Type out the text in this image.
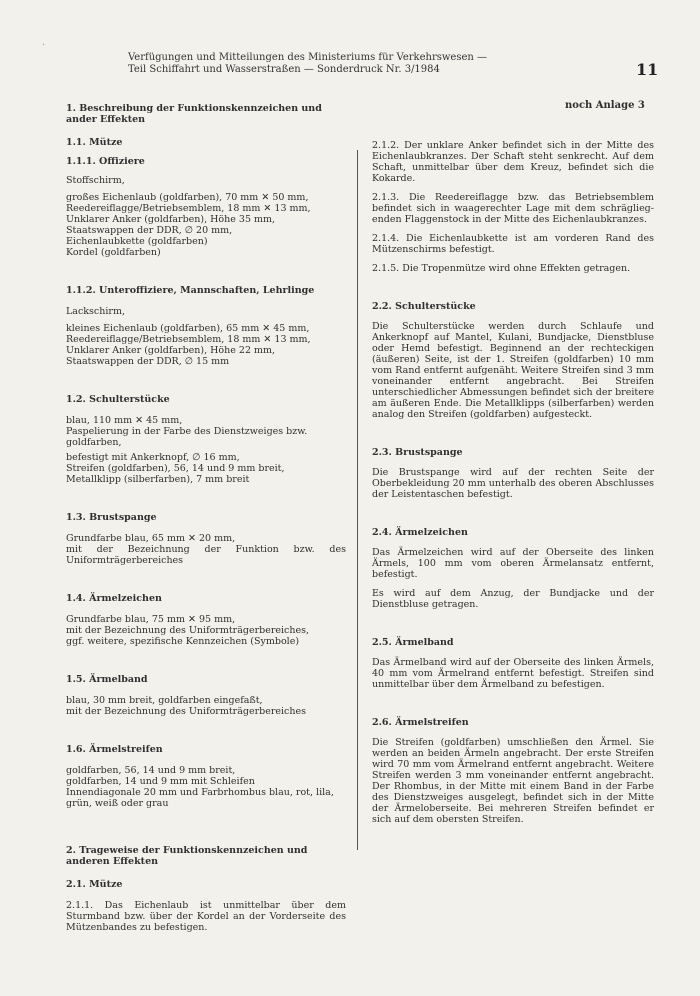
Verfügungen und Mitteilungen des Ministeriums für Verkehrswesen —
Teil Schiffahrt und Wasserstraßen — Sonderdruck Nr. 3/1984	11
noch Anlage 3
·
1. Beschreibung der Funktionskennzeichen und ander Effekten
1.1. Mütze
1.1.1. Offiziere
Stoffschirm,
großes Eichenlaub (goldfarben), 70 mm ✕ 50 mm,
Reedereiflagge/Betriebsemblem, 18 mm ✕ 13 mm,
Unklarer Anker (goldfarben), Höhe 35 mm,
Staatswappen der DDR, ∅ 20 mm,
Eichenlaubkette (goldfarben)
Kordel (goldfarben)
1.1.2. Unteroffiziere, Mannschaften, Lehrlinge
Lackschirm,
kleines Eichenlaub (goldfarben), 65 mm ✕ 45 mm,
Reedereiflagge/Betriebsemblem, 18 mm ✕ 13 mm,
Unklarer Anker (goldfarben), Höhe 22 mm,
Staatswappen der DDR, ∅ 15 mm
1.2. Schulterstücke
blau, 110 mm ✕ 45 mm,
Paspelierung in der Farbe des Dienstzweiges bzw. goldfarben,
befestigt mit Ankerknopf, ∅ 16 mm,
Streifen (goldfarben), 56, 14 und 9 mm breit,
Metallklipp (silberfarben), 7 mm breit
1.3. Brustspange
Grundfarbe blau, 65 mm ✕ 20 mm,
mit der Bezeichnung der Funktion bzw. des Uniformträgerbereiches
1.4. Ärmelzeichen
Grundfarbe blau, 75 mm ✕ 95 mm,
mit der Bezeichnung des Uniformträgerbereiches,
ggf. weitere, spezifische Kennzeichen (Symbole)
1.5. Ärmelband
blau, 30 mm breit, goldfarben eingefaßt,
mit der Bezeichnung des Uniformträgerbereiches
1.6. Ärmelstreifen
goldfarben, 56, 14 und 9 mm breit,
goldfarben, 14 und 9 mm mit Schleifen
Innendiagonale 20 mm und Farbrhombus blau, rot, lila, grün, weiß oder grau
2. Trageweise der Funktionskennzeichen und anderen Effekten
2.1. Mütze

2.1.1. Das Eichenlaub ist unmittelbar über dem Sturmband bzw. über der Kordel an der Vorderseite des Mützenbandes zu befestigen.

2.1.2. Der unklare Anker befindet sich in der Mitte des Eichenlaubkranzes. Der Schaft steht senkrecht. Auf dem Schaft, unmittelbar über dem Kreuz, befindet sich die Kokarde.

2.1.3. Die Reedereiflagge bzw. das Betriebsemblem befindet sich in waagerechter Lage mit dem schrägliegenden Flaggenstock in der Mitte des Eichenlaubkranzes.

2.1.4. Die Eichenlaubkette ist am vorderen Rand des Mützenschirms befestigt.

2.1.5. Die Tropenmütze wird ohne Effekten getragen.

2.2. Schulterstücke

Die Schulterstücke werden durch Schlaufe und Ankerknopf auf Mantel, Kulani, Bundjacke, Dienstbluse oder Hemd befestigt. Beginnend an der rechteckigen (äußeren) Seite, ist der 1. Streifen (goldfarben) 10 mm vom Rand entfernt aufgenäht. Weitere Streifen sind 3 mm voneinander entfernt angebracht. Bei Streifen unterschiedlicher Abmessungen befindet sich der breitere am äußeren Ende. Die Metallklipps (silberfarben) werden analog den Streifen (goldfarben) aufgesteckt.

2.3. Brustspange

Die Brustspange wird auf der rechten Seite der Oberbekleidung 20 mm unterhalb des oberen Abschlusses der Leistentaschen befestigt.

2.4. Ärmelzeichen

Das Ärmelzeichen wird auf der Oberseite des linken Ärmels, 100 mm vom oberen Ärmelansatz entfernt, befestigt.

Es wird auf dem Anzug, der Bundjacke und der Dienstbluse getragen.

2.5. Ärmelband

Das Ärmelband wird auf der Oberseite des linken Ärmels, 40 mm vom Ärmelrand entfernt befestigt. Streifen sind unmittelbar über dem Ärmelband zu befestigen.

2.6. Ärmelstreifen

Die Streifen (goldfarben) umschließen den Ärmel. Sie werden an beiden Ärmeln angebracht. Der erste Streifen wird 70 mm vom Ärmelrand entfernt angebracht. Weitere Streifen werden 3 mm voneinander entfernt angebracht. Der Rhombus, in der Mitte mit einem Band in der Farbe des Dienstzweiges ausgelegt, befindet sich in der Mitte der Ärmeloberseite. Bei mehreren Streifen befindet er sich auf dem obersten Streifen.
